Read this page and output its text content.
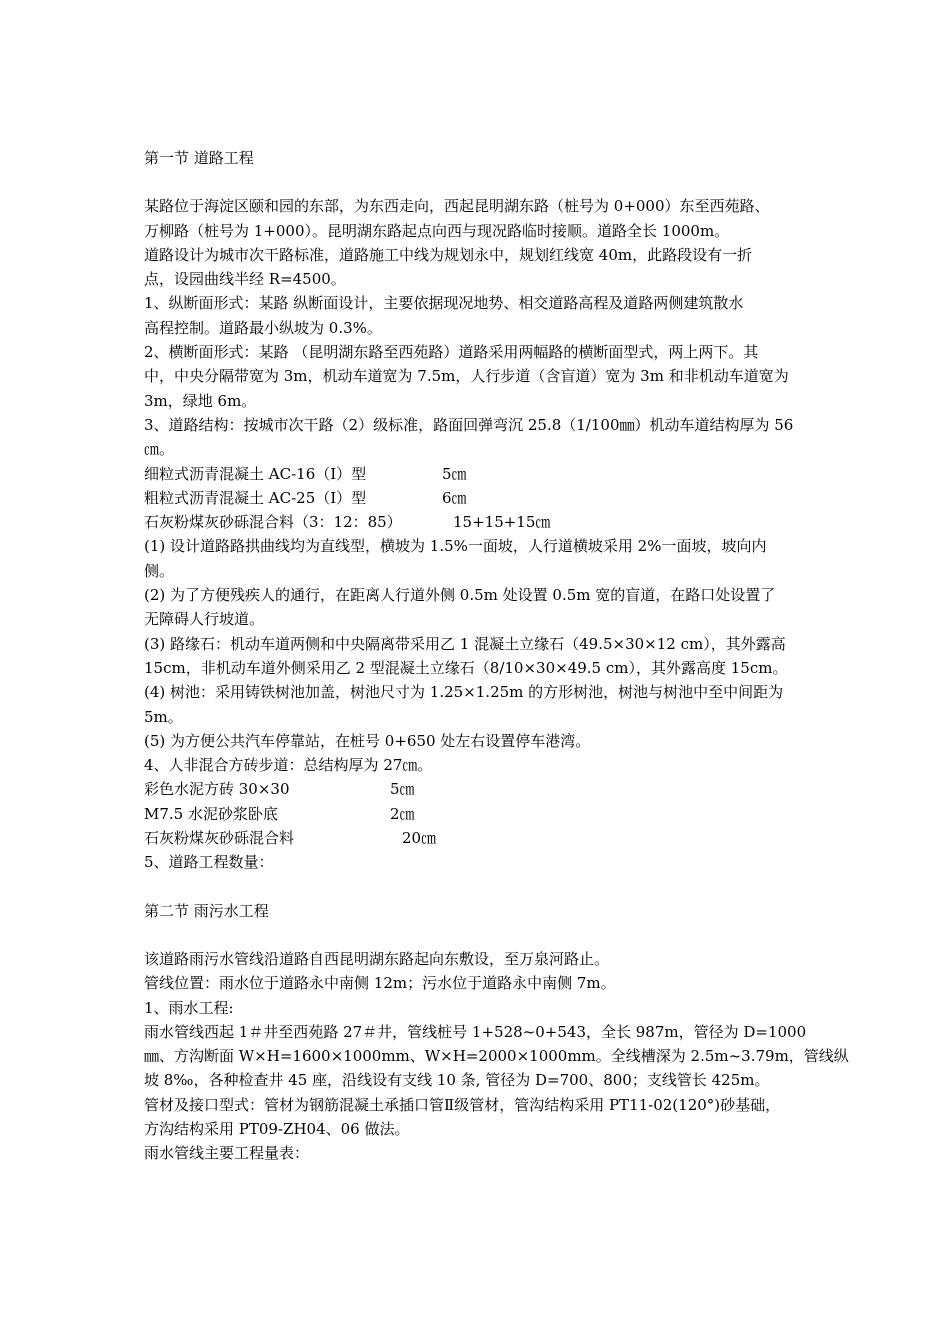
第一节 道路工程

某路位于海淀区颐和园的东部，为东西走向，西起昆明湖东路（桩号为 0+000）东至西苑路、

万柳路（桩号为 1+000）。昆明湖东路起点向西与现况路临时接顺。道路全长 1000m。

道路设计为城市次干路标准，道路施工中线为规划永中，规划红线宽 40m，此路段设有一折

点，设园曲线半经 R=4500。

1、纵断面形式：某路 纵断面设计，主要依据现况地势、相交道路高程及道路两侧建筑散水

高程控制。道路最小纵坡为 0.3%。

2、横断面形式：某路 （昆明湖东路至西苑路）道路采用两幅路的横断面型式，两上两下。其

中，中央分隔带宽为 3m，机动车道宽为 7.5m，人行步道（含盲道）宽为 3m 和非机动车道宽为

3m，绿地 6m。

3、道路结构：按城市次干路（2）级标准，路面回弹弯沉 25.8（1/100㎜）机动车道结构厚为 56

㎝。

细粒式沥青混凝土 AC-16（Ⅰ）型	5㎝
粗粒式沥青混凝土 AC-25（Ⅰ）型	6㎝
石灰粉煤灰砂砾混合料（3：12：85）	15+15+15㎝

(1) 设计道路路拱曲线均为直线型，横坡为 1.5%一面坡，人行道横坡采用 2%一面坡，坡向内

侧。

(2) 为了方便残疾人的通行，在距离人行道外侧 0.5m 处设置 0.5m 宽的盲道，在路口处设置了

无障碍人行坡道。

(3) 路缘石：机动车道两侧和中央隔离带采用乙 1 混凝土立缘石（49.5×30×12 cm），其外露高

15cm，非机动车道外侧采用乙 2 型混凝土立缘石（8/10×30×49.5 cm），其外露高度 15cm。

(4) 树池：采用铸铁树池加盖，树池尺寸为 1.25×1.25m 的方形树池，树池与树池中至中间距为

5m。

(5) 为方便公共汽车停靠站，在桩号 0+650 处左右设置停车港湾。

4、人非混合方砖步道：总结构厚为 27㎝。

彩色水泥方砖 30×30	5㎝
M7.5 水泥砂浆卧底	2㎝
石灰粉煤灰砂砾混合料	20㎝

5、道路工程数量：

第二节 雨污水工程

该道路雨污水管线沿道路自西昆明湖东路起向东敷设，至万泉河路止。

管线位置：雨水位于道路永中南侧 12m；污水位于道路永中南侧 7m。

1、雨水工程:

雨水管线西起 1＃井至西苑路 27＃井，管线桩号 1+528~0+543，全长 987m，管径为 D=1000

㎜、方沟断面 W×H=1600×1000mm、W×H=2000×1000mm。全线槽深为 2.5m~3.79m，管线纵

坡 8‰，各种检查井 45 座，沿线设有支线 10 条, 管径为 D=700、800；支线管长 425m。

管材及接口型式：管材为钢筋混凝土承插口管Ⅱ级管材，管沟结构采用 PT11-02(120°)砂基础，

方沟结构采用 PT09-ZH04、06 做法。

雨水管线主要工程量表：
